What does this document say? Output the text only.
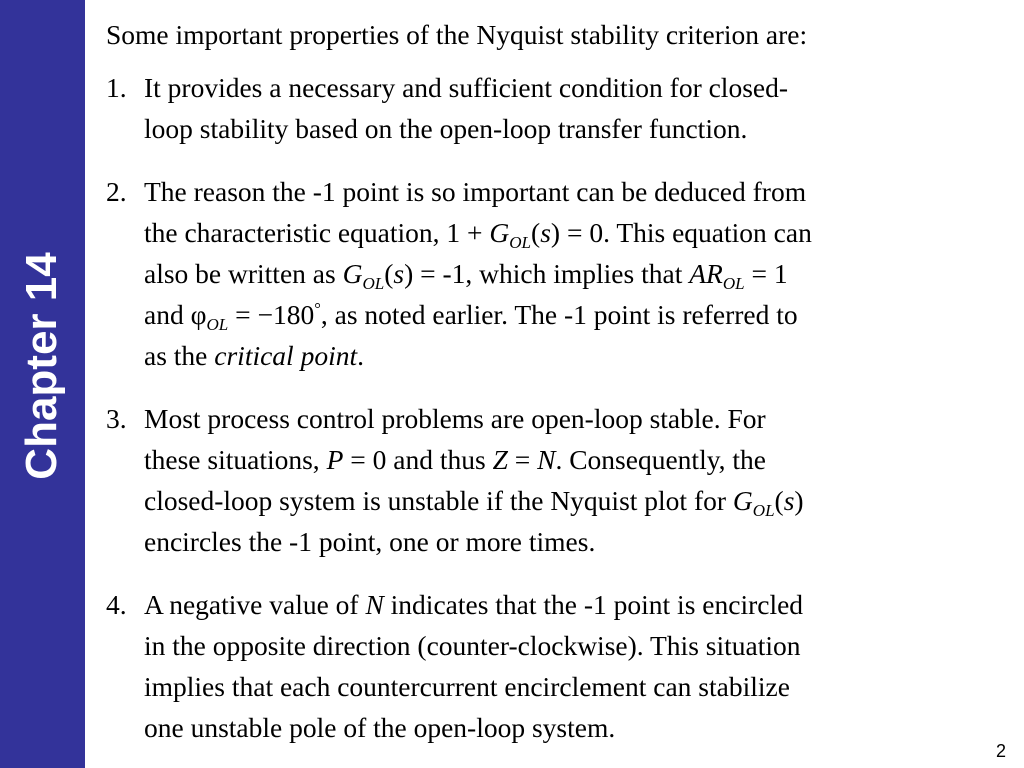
Chapter 14

Some important properties of the Nyquist stability criterion are:

1. It provides a necessary and sufficient condition for closed-
loop stability based on the open-loop transfer function.
2. The reason the -1 point is so important can be deduced from
the characteristic equation, $1 + G_{OL}(s) = 0$. This equation can
also be written as $G_{OL}(s) = -1$, which implies that $AR_{OL} = 1$
and $\varphi_{OL} = -180^\circ$, as noted earlier. The -1 point is referred to
as the critical point.
3. Most process control problems are open-loop stable. For
these situations, P = 0 and thus Z = N. Consequently, the
closed-loop system is unstable if the Nyquist plot for $G_{OL}(s)$
encircles the -1 point, one or more times.
4. A negative value of N indicates that the -1 point is encircled
in the opposite direction (counter-clockwise). This situation
implies that each countercurrent encirclement can stabilize
one unstable pole of the open-loop system.
2
